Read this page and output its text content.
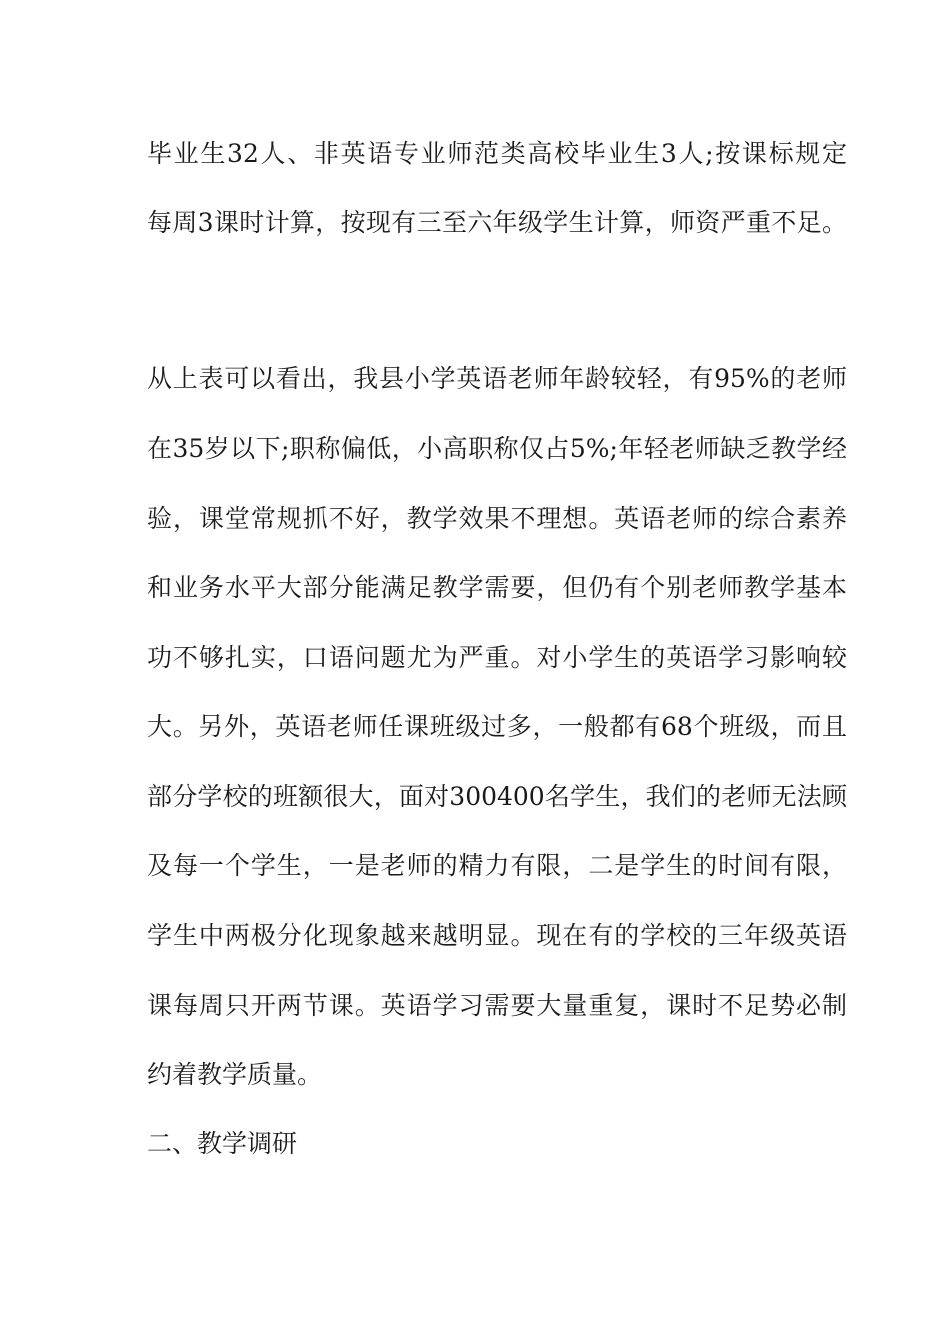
毕业生32人、非英语专业师范类高校毕业生3人;按课标规定
每周3课时计算，按现有三至六年级学生计算，师资严重不足。
从上表可以看出，我县小学英语老师年龄较轻，有95%的老师
在35岁以下;职称偏低，小高职称仅占5%;年轻老师缺乏教学经
验，课堂常规抓不好，教学效果不理想。英语老师的综合素养
和业务水平大部分能满足教学需要，但仍有个别老师教学基本
功不够扎实，口语问题尤为严重。对小学生的英语学习影响较
大。另外，英语老师任课班级过多，一般都有68个班级，而且
部分学校的班额很大，面对300400名学生，我们的老师无法顾
及每一个学生，一是老师的精力有限，二是学生的时间有限，
学生中两极分化现象越来越明显。现在有的学校的三年级英语
课每周只开两节课。英语学习需要大量重复，课时不足势必制
约着教学质量。
二、教学调研
